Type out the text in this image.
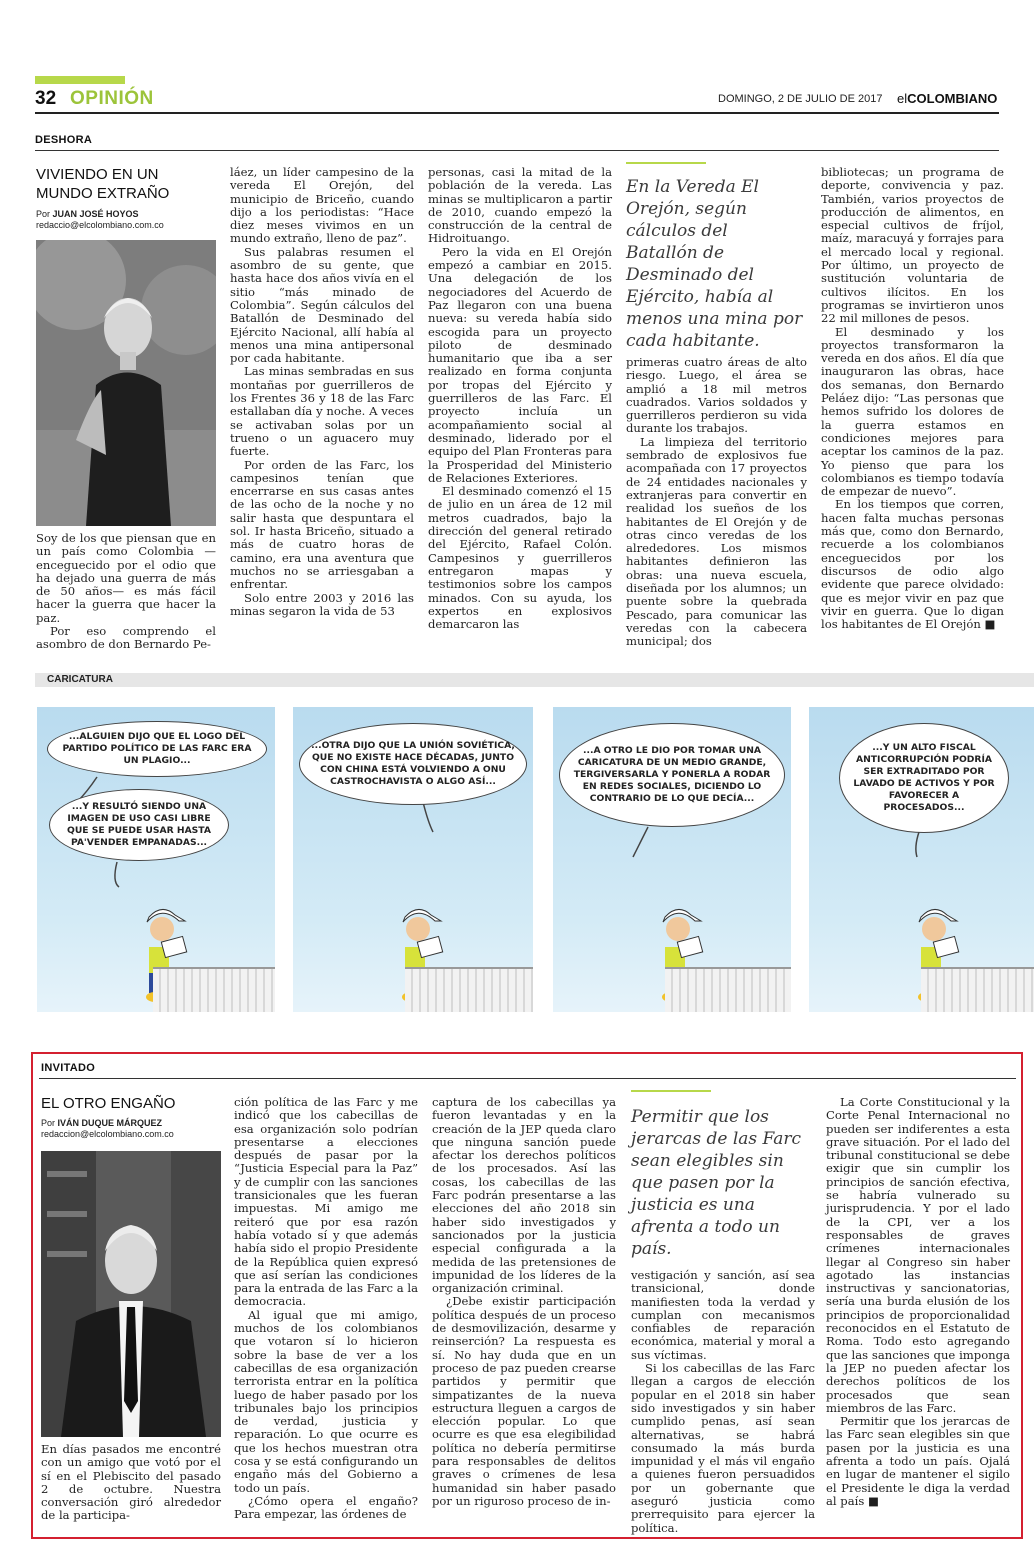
32 OPINIÓN	DOMINGO, 2 DE JULIO DE 2017 elCOLOMBIANO
DESHORA
VIVIENDO EN UN
MUNDO EXTRAÑO
Por JUAN JOSÉ HOYOS
redaccio@elcolombiano.com.co

Soy de los que piensan que en un país como Colombia —enceguecido por el odio que ha dejado una guerra de más de 50 años— es más fácil hacer la guerra que hacer la paz.

Por eso comprendo el asombro de don Bernardo Pe-

láez, un líder campesino de la vereda El Orejón, del municipio de Briceño, cuando dijo a los periodistas: “Hace diez meses vivimos en un mundo extraño, lleno de paz”.

Sus palabras resumen el asombro de su gente, que hasta hace dos años vivía en el sitio “más minado de Colombia”. Según cálculos del Batallón de Desminado del Ejército Nacional, allí había al menos una mina antipersonal por cada habitante.

Las minas sembradas en sus montañas por guerrilleros de los Frentes 36 y 18 de las Farc estallaban día y noche. A veces se activaban solas por un trueno o un aguacero muy fuerte.

Por orden de las Farc, los campesinos tenían que encerrarse en sus casas antes de las ocho de la noche y no salir hasta que despuntara el sol. Ir hasta Briceño, situado a más de cuatro horas de camino, era una aventura que muchos no se arriesgaban a enfrentar.

Solo entre 2003 y 2016 las minas segaron la vida de 53

personas, casi la mitad de la población de la vereda. Las minas se multiplicaron a partir de 2010, cuando empezó la construcción de la central de Hidroituango.

Pero la vida en El Orejón empezó a cambiar en 2015. Una delegación de los negociadores del Acuerdo de Paz llegaron con una buena nueva: su vereda había sido escogida para un proyecto piloto de desminado humanitario que iba a ser realizado en forma conjunta por tropas del Ejército y guerrilleros de las Farc. El proyecto incluía un acompañamiento social al desminado, liderado por el equipo del Plan Fronteras para la Prosperidad del Ministerio de Relaciones Exteriores.

El desminado comenzó el 15 de julio en un área de 12 mil metros cuadrados, bajo la dirección del general retirado del Ejército, Rafael Colón. Campesinos y guerrilleros entregaron mapas y testimonios sobre los campos minados. Con su ayuda, los expertos en explosivos demarcaron las

En la Vereda El Orejón, según cálculos del Batallón de Desminado del Ejército, había al menos una mina por cada habitante.

primeras cuatro áreas de alto riesgo. Luego, el área se amplió a 18 mil metros cuadrados. Varios soldados y guerrilleros perdieron su vida durante los trabajos.

La limpieza del territorio sembrado de explosivos fue acompañada con 17 proyectos de 24 entidades nacionales y extranjeras para convertir en realidad los sueños de los habitantes de El Orejón y de otras cinco veredas de los alrededores. Los mismos habitantes definieron las obras: una nueva escuela, diseñada por los alumnos; un puente sobre la quebrada Pescado, para comunicar las veredas con la cabecera municipal; dos

bibliotecas; un programa de deporte, convivencia y paz. También, varios proyectos de producción de alimentos, en especial cultivos de fríjol, maíz, maracuyá y forrajes para el mercado local y regional. Por último, un proyecto de sustitución voluntaria de cultivos ilícitos. En los programas se invirtieron unos 22 mil millones de pesos.

El desminado y los proyectos transformaron la vereda en dos años. El día que inauguraron las obras, hace dos semanas, don Bernardo Peláez dijo: “Las personas que hemos sufrido los dolores de la guerra estamos en condiciones mejores para aceptar los caminos de la paz. Yo pienso que para los colombianos es tiempo todavía de empezar de nuevo”.

En los tiempos que corren, hacen falta muchas personas más que, como don Bernardo, recuerde a los colombianos enceguecidos por los discursos de odio algo evidente que parece olvidado: que es mejor vivir en paz que vivir en guerra. Que lo digan los habitantes de El Orejón ■

CARICATURA
...ALGUIEN DIJO QUE EL LOGO DEL PARTIDO POLÍTICO DE LAS FARC ERA UN PLAGIO...
...Y RESULTÓ SIENDO UNA IMAGEN DE USO CASI LIBRE QUE SE PUEDE USAR HASTA PA'VENDER EMPANADAS...
...OTRA DIJO QUE LA UNIÓN SOVIÉTICA, QUE NO EXISTE HACE DÉCADAS, JUNTO CON CHINA ESTÁ VOLVIENDO A ONU CASTROCHAVISTA O ALGO ASÍ...
...A OTRO LE DIO POR TOMAR UNA CARICATURA DE UN MEDIO GRANDE, TERGIVERSARLA Y PONERLA A RODAR EN REDES SOCIALES, DICIENDO LO CONTRARIO DE LO QUE DECÍA...
...Y UN ALTO FISCAL ANTICORRUPCIÓN PODRÍA SER EXTRADITADO POR LAVADO DE ACTIVOS Y POR FAVORECER A PROCESADOS...
INVITADO
EL OTRO ENGAÑO
Por IVÁN DUQUE MÁRQUEZ
redaccion@elcolombiano.com.co

En días pasados me encontré con un amigo que votó por el sí en el Plebiscito del pasado 2 de octubre. Nuestra conversación giró alrededor de la participa-

ción política de las Farc y me indicó que los cabecillas de esa organización solo podrían presentarse a elecciones después de pasar por la “Justicia Especial para la Paz” y de cumplir con las sanciones transicionales que les fueran impuestas. Mi amigo me reiteró que por esa razón había votado sí y que además había sido el propio Presidente de la República quien expresó que así serían las condiciones para la entrada de las Farc a la democracia.

Al igual que mi amigo, muchos de los colombianos que votaron sí lo hicieron sobre la base de ver a los cabecillas de esa organización terrorista entrar en la política luego de haber pasado por los tribunales bajo los principios de verdad, justicia y reparación. Lo que ocurre es que los hechos muestran otra cosa y se está configurando un engaño más del Gobierno a todo un país.

¿Cómo opera el engaño? Para empezar, las órdenes de

captura de los cabecillas ya fueron levantadas y en la creación de la JEP queda claro que ninguna sanción puede afectar los derechos políticos de los procesados. Así las cosas, los cabecillas de las Farc podrán presentarse a las elecciones del año 2018 sin haber sido investigados y sancionados por la justicia especial configurada a la medida de las pretensiones de impunidad de los líderes de la organización criminal.

¿Debe existir participación política después de un proceso de desmovilización, desarme y reinserción? La respuesta es sí. No hay duda que en un proceso de paz pueden crearse partidos y permitir que simpatizantes de la nueva estructura lleguen a cargos de elección popular. Lo que ocurre es que esa elegibilidad política no debería permitirse para responsables de delitos graves o crímenes de lesa humanidad sin haber pasado por un riguroso proceso de in-

Permitir que los jerarcas de las Farc sean elegibles sin que pasen por la justicia es una afrenta a todo un país.

vestigación y sanción, así sea transicional, donde manifiesten toda la verdad y cumplan con mecanismos confiables de reparación económica, material y moral a sus víctimas.

Si los cabecillas de las Farc llegan a cargos de elección popular en el 2018 sin haber sido investigados y sin haber cumplido penas, así sean alternativas, se habrá consumado la más burda impunidad y el más vil engaño a quienes fueron persuadidos por un gobernante que aseguró justicia como prerrequisito para ejercer la política.

La Corte Constitucional y la Corte Penal Internacional no pueden ser indiferentes a esta grave situación. Por el lado del tribunal constitucional se debe exigir que sin cumplir los principios de sanción efectiva, se habría vulnerado su jurisprudencia. Y por el lado de la CPI, ver a los responsables de graves crímenes internacionales llegar al Congreso sin haber agotado las instancias instructivas y sancionatorias, sería una burda elusión de los principios de proporcionalidad reconocidos en el Estatuto de Roma. Todo esto agregando que las sanciones que imponga la JEP no pueden afectar los derechos políticos de los procesados que sean miembros de las Farc.

Permitir que los jerarcas de las Farc sean elegibles sin que pasen por la justicia es una afrenta a todo un país. Ojalá en lugar de mantener el sigilo el Presidente le diga la verdad al país ■
